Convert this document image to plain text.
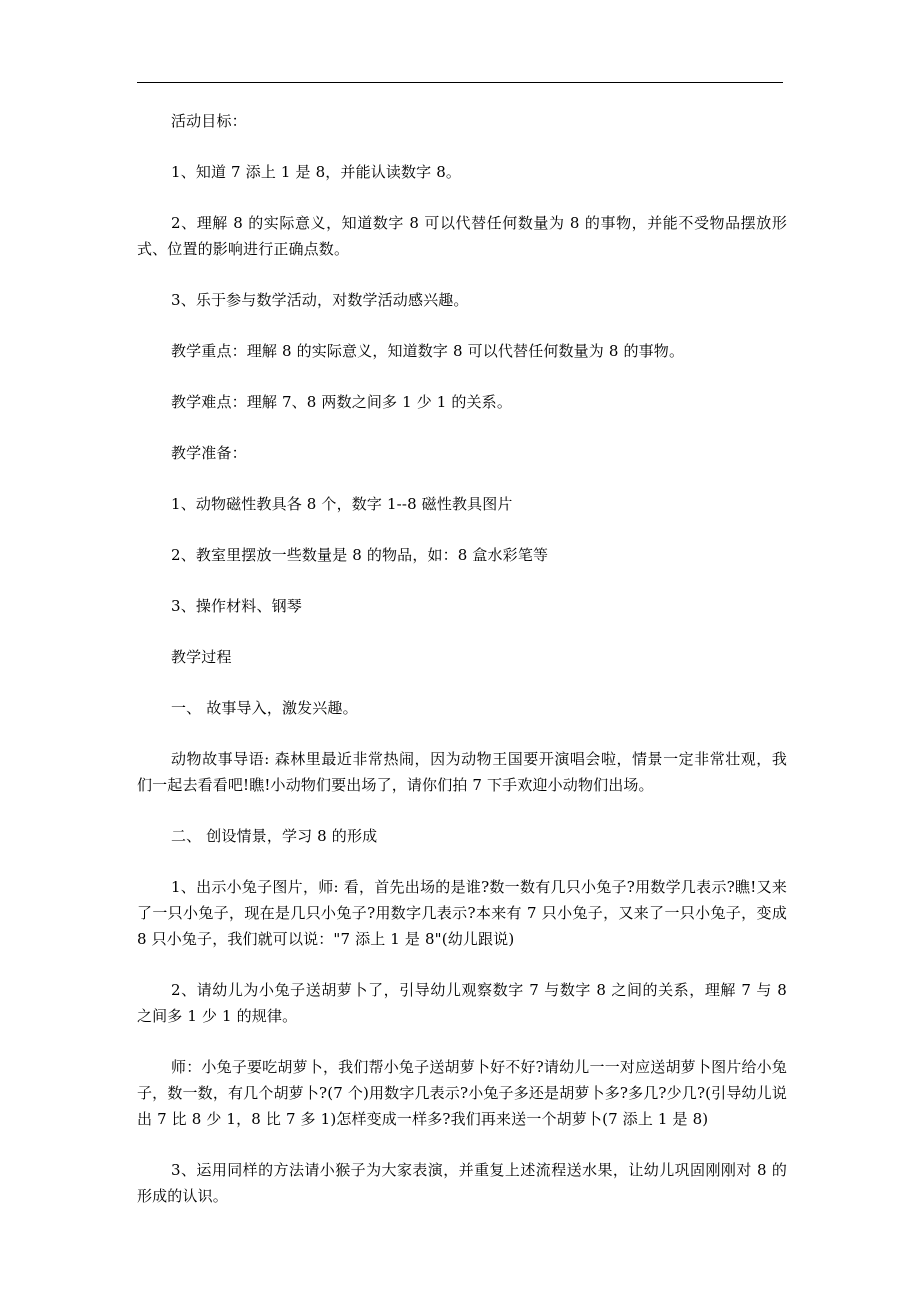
活动目标：

1、知道 7 添上 1 是 8，并能认读数字 8。

2、理解 8 的实际意义，知道数字 8 可以代替任何数量为 8 的事物，并能不受物品摆放形式、位置的影响进行正确点数。

3、乐于参与数学活动，对数学活动感兴趣。

教学重点：理解 8 的实际意义，知道数字 8 可以代替任何数量为 8 的事物。

教学难点：理解 7、8 两数之间多 1 少 1 的关系。

教学准备：

1、动物磁性教具各 8 个，数字 1--8 磁性教具图片

2、教室里摆放一些数量是 8 的物品，如：8 盒水彩笔等

3、操作材料、钢琴

教学过程

一、 故事导入，激发兴趣。

动物故事导语: 森林里最近非常热闹，因为动物王国要开演唱会啦，情景一定非常壮观，我们一起去看看吧!瞧!小动物们要出场了，请你们拍 7 下手欢迎小动物们出场。

二、 创设情景，学习 8 的形成

1、出示小兔子图片，师: 看，首先出场的是谁?数一数有几只小兔子?用数学几表示?瞧!又来了一只小兔子，现在是几只小兔子?用数字几表示?本来有 7 只小兔子，又来了一只小兔子，变成 8 只小兔子，我们就可以说："7 添上 1 是 8"(幼儿跟说)

2、请幼儿为小兔子送胡萝卜了，引导幼儿观察数字 7 与数字 8 之间的关系，理解 7 与 8 之间多 1 少 1 的规律。

师：小兔子要吃胡萝卜，我们帮小兔子送胡萝卜好不好?请幼儿一一对应送胡萝卜图片给小兔子，数一数，有几个胡萝卜?(7 个)用数字几表示?小兔子多还是胡萝卜多?多几?少几?(引导幼儿说出 7 比 8 少 1，8 比 7 多 1)怎样变成一样多?我们再来送一个胡萝卜(7 添上 1 是 8)

3、运用同样的方法请小猴子为大家表演，并重复上述流程送水果，让幼儿巩固刚刚对 8 的形成的认识。
